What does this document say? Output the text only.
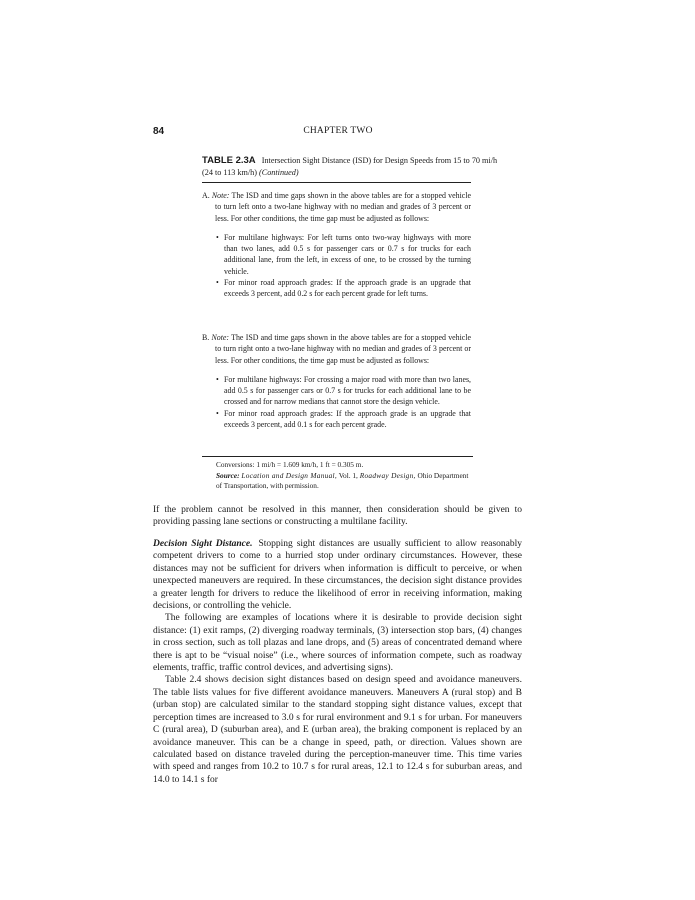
84	CHAPTER TWO
TABLE 2.3A Intersection Sight Distance (ISD) for Design Speeds from 15 to 70 mi/h (24 to 113 km/h) (Continued)

A. Note: The ISD and time gaps shown in the above tables are for a stopped vehicle to turn left onto a two-lane highway with no median and grades of 3 percent or less. For other conditions, the time gap must be adjusted as follows:

• For multilane highways: For left turns onto two-way highways with more than two lanes, add 0.5 s for passenger cars or 0.7 s for trucks for each additional lane, from the left, in excess of one, to be crossed by the turning vehicle.
• For minor road approach grades: If the approach grade is an upgrade that exceeds 3 percent, add 0.2 s for each percent grade for left turns.

B. Note: The ISD and time gaps shown in the above tables are for a stopped vehicle to turn right onto a two-lane highway with no median and grades of 3 percent or less. For other conditions, the time gap must be adjusted as follows:

• For multilane highways: For crossing a major road with more than two lanes, add 0.5 s for passenger cars or 0.7 s for trucks for each additional lane to be crossed and for narrow medians that cannot store the design vehicle.
• For minor road approach grades: If the approach grade is an upgrade that exceeds 3 percent, add 0.1 s for each percent grade.
Conversions: 1 mi/h = 1.609 km/h, 1 ft = 0.305 m.
Source: Location and Design Manual, Vol. 1, Roadway Design, Ohio Department of Transportation, with permission.

If the problem cannot be resolved in this manner, then consideration should be given to providing passing lane sections or constructing a multilane facility.

Decision Sight Distance. Stopping sight distances are usually sufficient to allow reasonably competent drivers to come to a hurried stop under ordinary circumstances. However, these distances may not be sufficient for drivers when information is difficult to perceive, or when unexpected maneuvers are required. In these circumstances, the decision sight distance provides a greater length for drivers to reduce the likelihood of error in receiving information, making decisions, or controlling the vehicle.

The following are examples of locations where it is desirable to provide decision sight distance: (1) exit ramps, (2) diverging roadway terminals, (3) intersection stop bars, (4) changes in cross section, such as toll plazas and lane drops, and (5) areas of concentrated demand where there is apt to be “visual noise” (i.e., where sources of information compete, such as roadway elements, traffic, traffic control devices, and advertising signs).

Table 2.4 shows decision sight distances based on design speed and avoidance maneuvers. The table lists values for five different avoidance maneuvers. Maneuvers A (rural stop) and B (urban stop) are calculated similar to the standard stopping sight distance values, except that perception times are increased to 3.0 s for rural environment and 9.1 s for urban. For maneuvers C (rural area), D (suburban area), and E (urban area), the braking component is replaced by an avoidance maneuver. This can be a change in speed, path, or direction. Values shown are calculated based on distance traveled during the perception-maneuver time. This time varies with speed and ranges from 10.2 to 10.7 s for rural areas, 12.1 to 12.4 s for suburban areas, and 14.0 to 14.1 s for
